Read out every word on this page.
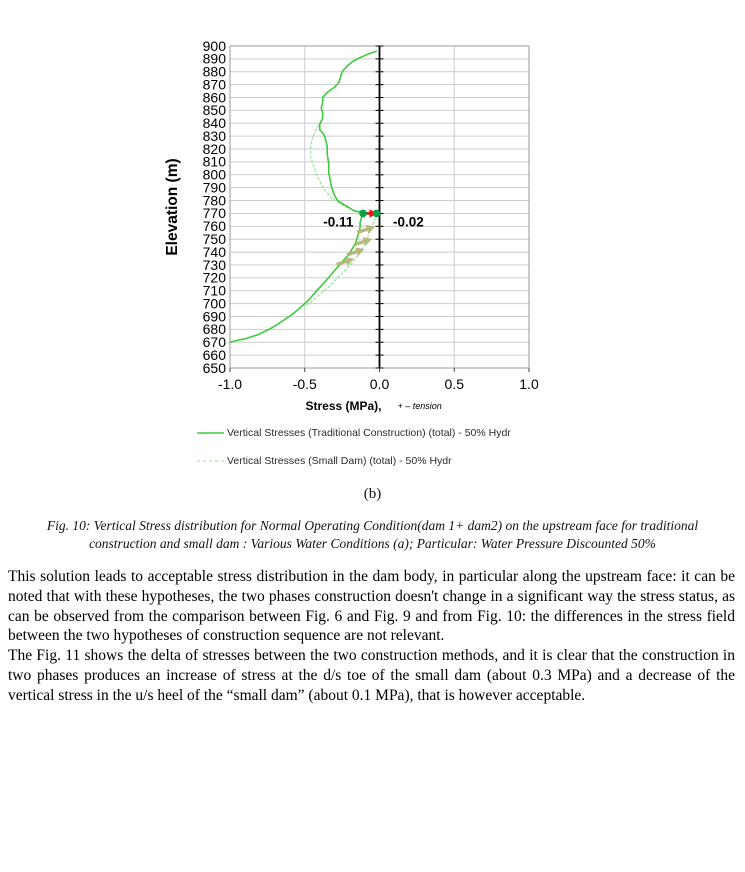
-0.11	-0.02
900
890
880
870
860
850
840
830
820
810
800
790
780
770
760
750
740
730
720
710
700
690
680
670
660
650
-1.0	-0.5	0.0	0.5	1.0
Elevation (m)
Stress (MPa), + – tension
Vertical Stresses (Traditional Construction) (total) - 50% Hydr
Vertical Stresses (Small Dam) (total) - 50% Hydr
(b)
Fig. 10: Vertical Stress distribution for Normal Operating Condition(dam 1+ dam2) on the upstream face for traditional construction and small dam : Various Water Conditions (a); Particular: Water Pressure Discounted 50%

This solution leads to acceptable stress distribution in the dam body, in particular along the upstream face: it can be noted that with these hypotheses, the two phases construction doesn't change in a significant way the stress status, as can be observed from the comparison between Fig. 6 and Fig. 9 and from Fig. 10: the differences in the stress field between the two hypotheses of construction sequence are not relevant.

The Fig. 11 shows the delta of stresses between the two construction methods, and it is clear that the construction in two phases produces an increase of stress at the d/s toe of the small dam (about 0.3 MPa) and a decrease of the vertical stress in the u/s heel of the “small dam” (about 0.1 MPa), that is however acceptable.
